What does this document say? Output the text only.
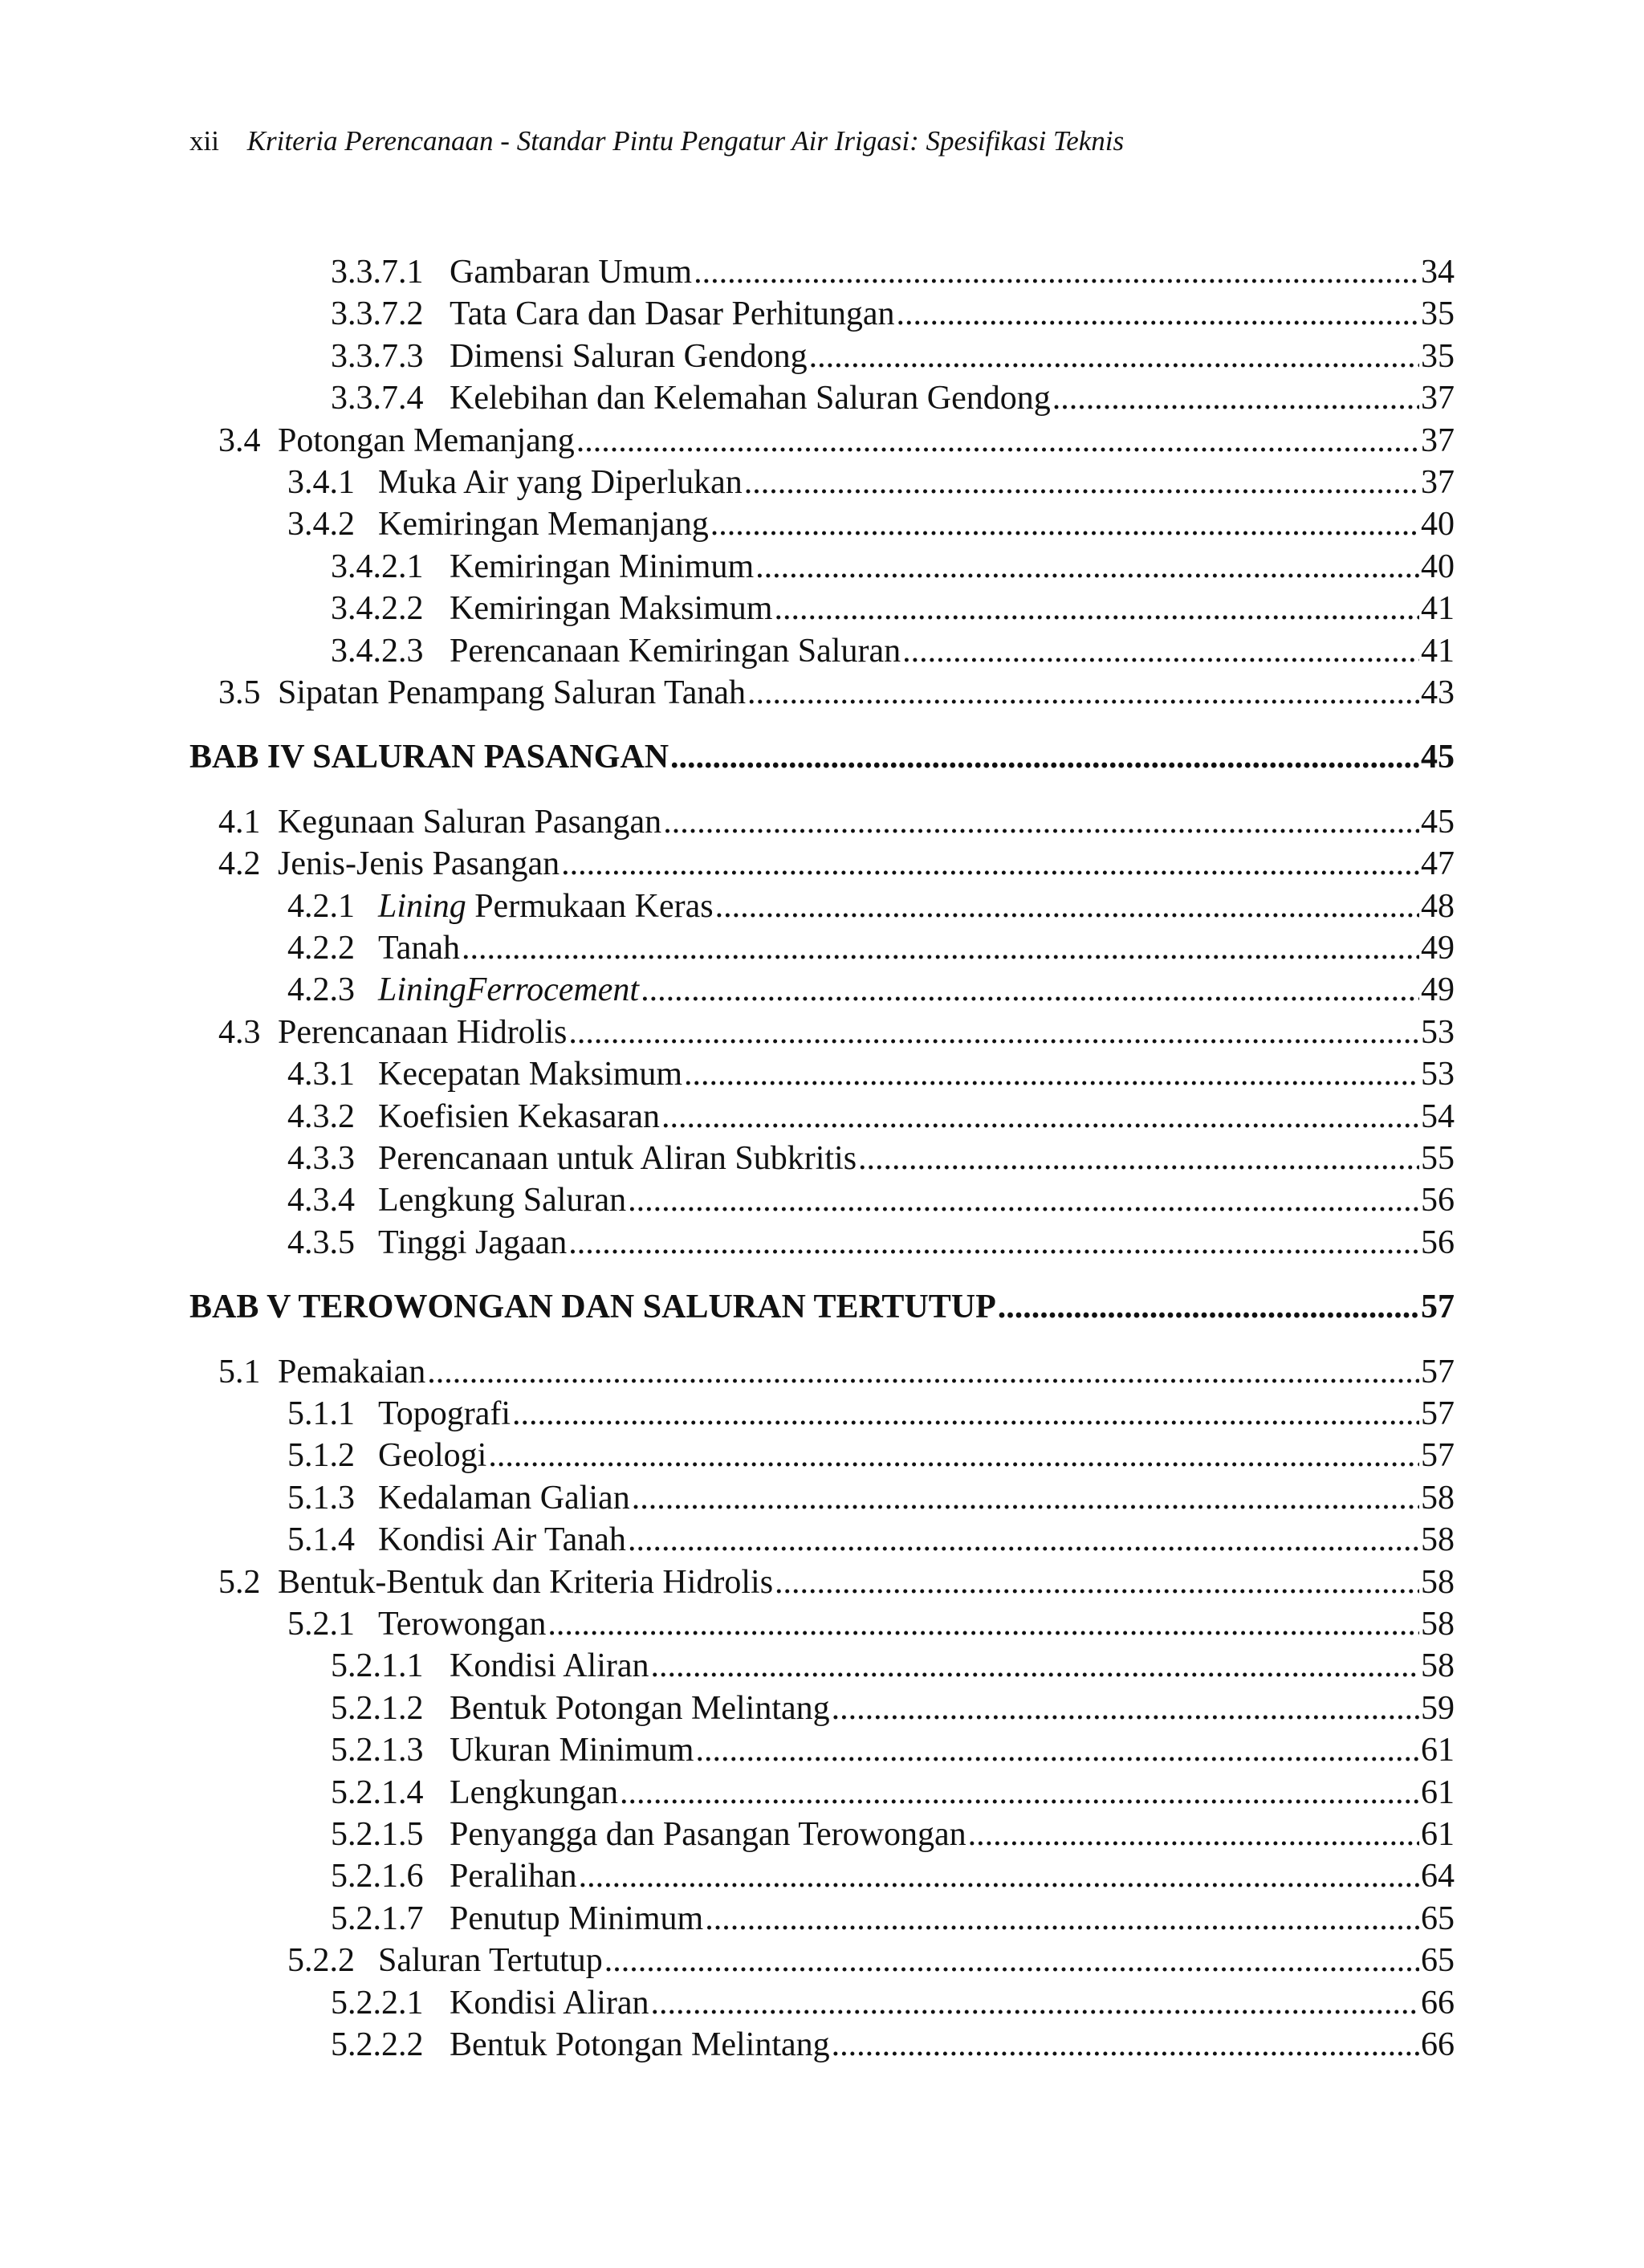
xii Kriteria Perencanaan - Standar Pintu Pengatur Air Irigasi: Spesifikasi Teknis
3.3.7.1 Gambaran Umum .....	34
3.3.7.2 Tata Cara dan Dasar Perhitungan .....	35
3.3.7.3 Dimensi Saluran Gendong .....	35
3.3.7.4 Kelebihan dan Kelemahan Saluran Gendong .....	37
3.4 Potongan Memanjang .....	37
3.4.1 Muka Air yang Diperlukan .....	37
3.4.2 Kemiringan Memanjang .....	40
3.4.2.1 Kemiringan Minimum .....	40
3.4.2.2 Kemiringan Maksimum .....	41
3.4.2.3 Perencanaan Kemiringan Saluran .....	41
3.5 Sipatan Penampang Saluran Tanah .....	43
BAB IV SALURAN PASANGAN .....	45
4.1 Kegunaan Saluran Pasangan .....	45
4.2 Jenis-Jenis Pasangan .....	47
4.2.1 Lining Permukaan Keras .....	48
4.2.2 Tanah .....	49
4.2.3 LiningFerrocement .....	49
4.3 Perencanaan Hidrolis .....	53
4.3.1 Kecepatan Maksimum .....	53
4.3.2 Koefisien Kekasaran .....	54
4.3.3 Perencanaan untuk Aliran Subkritis .....	55
4.3.4 Lengkung Saluran .....	56
4.3.5 Tinggi Jagaan .....	56
BAB V TEROWONGAN DAN SALURAN TERTUTUP .....	57
5.1 Pemakaian .....	57
5.1.1 Topografi .....	57
5.1.2 Geologi .....	57
5.1.3 Kedalaman Galian .....	58
5.1.4 Kondisi Air Tanah .....	58
5.2 Bentuk-Bentuk dan Kriteria Hidrolis .....	58
5.2.1 Terowongan .....	58
5.2.1.1 Kondisi Aliran .....	58
5.2.1.2 Bentuk Potongan Melintang .....	59
5.2.1.3 Ukuran Minimum .....	61
5.2.1.4 Lengkungan .....	61
5.2.1.5 Penyangga dan Pasangan Terowongan .....	61
5.2.1.6 Peralihan .....	64
5.2.1.7 Penutup Minimum .....	65
5.2.2 Saluran Tertutup .....	65
5.2.2.1 Kondisi Aliran .....	66
5.2.2.2 Bentuk Potongan Melintang .....	66
